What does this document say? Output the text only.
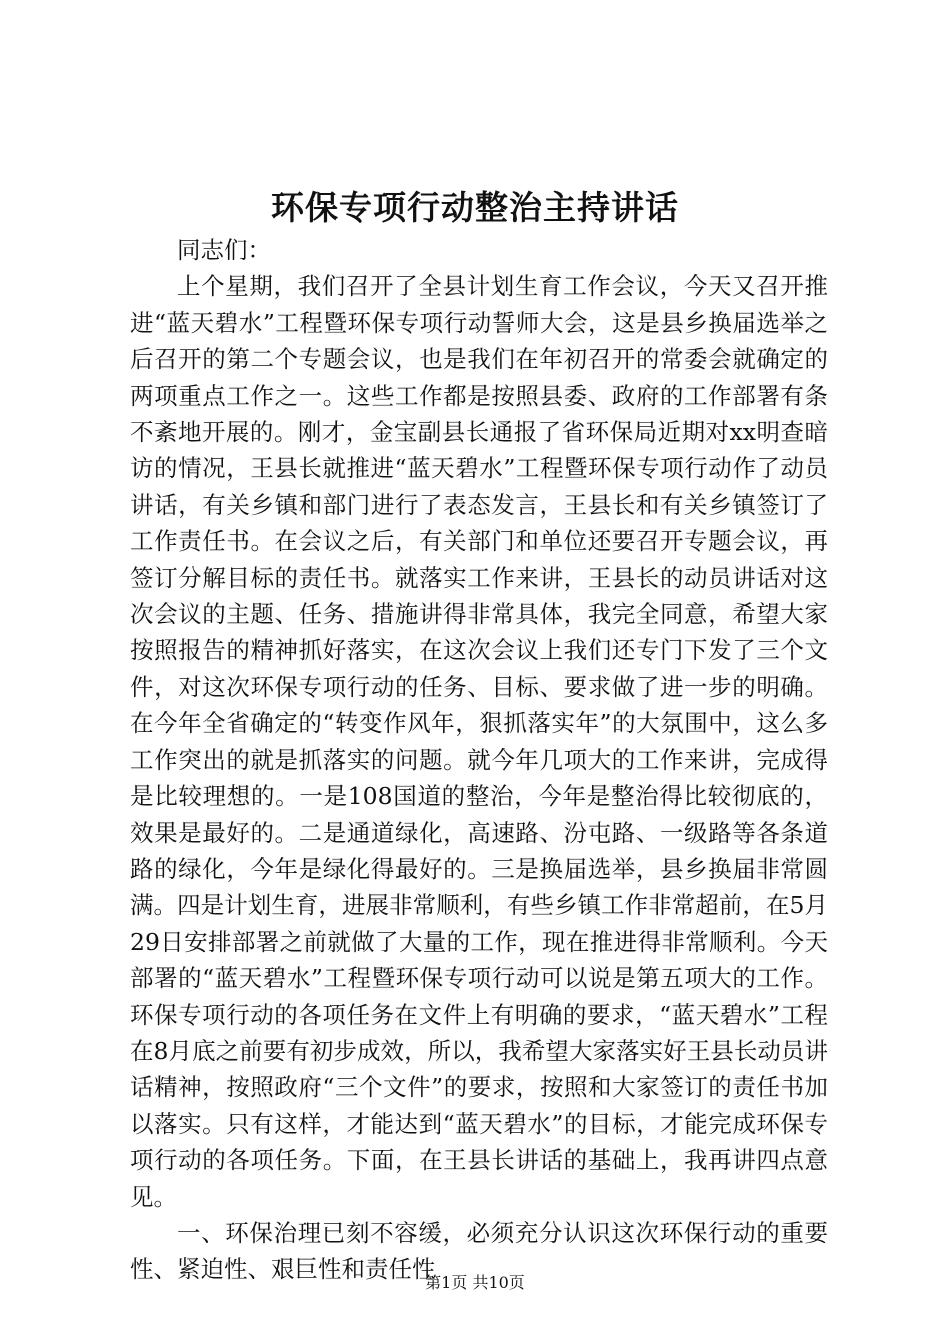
环保专项行动整治主持讲话

同志们：

上个星期，我们召开了全县计划生育工作会议，今天又召开推进“蓝天碧水”工程暨环保专项行动誓师大会，这是县乡换届选举之后召开的第二个专题会议，也是我们在年初召开的常委会就确定的两项重点工作之一。这些工作都是按照县委、政府的工作部署有条不紊地开展的。刚才，金宝副县长通报了省环保局近期对xx明查暗访的情况，王县长就推进“蓝天碧水”工程暨环保专项行动作了动员讲话，有关乡镇和部门进行了表态发言，王县长和有关乡镇签订了工作责任书。在会议之后，有关部门和单位还要召开专题会议，再签订分解目标的责任书。就落实工作来讲，王县长的动员讲话对这次会议的主题、任务、措施讲得非常具体，我完全同意，希望大家按照报告的精神抓好落实，在这次会议上我们还专门下发了三个文件，对这次环保专项行动的任务、目标、要求做了进一步的明确。在今年全省确定的“转变作风年，狠抓落实年”的大氛围中，这么多工作突出的就是抓落实的问题。就今年几项大的工作来讲，完成得是比较理想的。一是108国道的整治，今年是整治得比较彻底的，效果是最好的。二是通道绿化，高速路、汾屯路、一级路等各条道路的绿化，今年是绿化得最好的。三是换届选举，县乡换届非常圆满。四是计划生育，进展非常顺利，有些乡镇工作非常超前，在5月29日安排部署之前就做了大量的工作，现在推进得非常顺利。今天部署的“蓝天碧水”工程暨环保专项行动可以说是第五项大的工作。环保专项行动的各项任务在文件上有明确的要求，“蓝天碧水”工程在8月底之前要有初步成效，所以，我希望大家落实好王县长动员讲话精神，按照政府“三个文件”的要求，按照和大家签订的责任书加以落实。只有这样，才能达到“蓝天碧水”的目标，才能完成环保专项行动的各项任务。下面，在王县长讲话的基础上，我再讲四点意见。

一、环保治理已刻不容缓，必须充分认识这次环保行动的重要性、紧迫性、艰巨性和责任性

第1页 共10页
